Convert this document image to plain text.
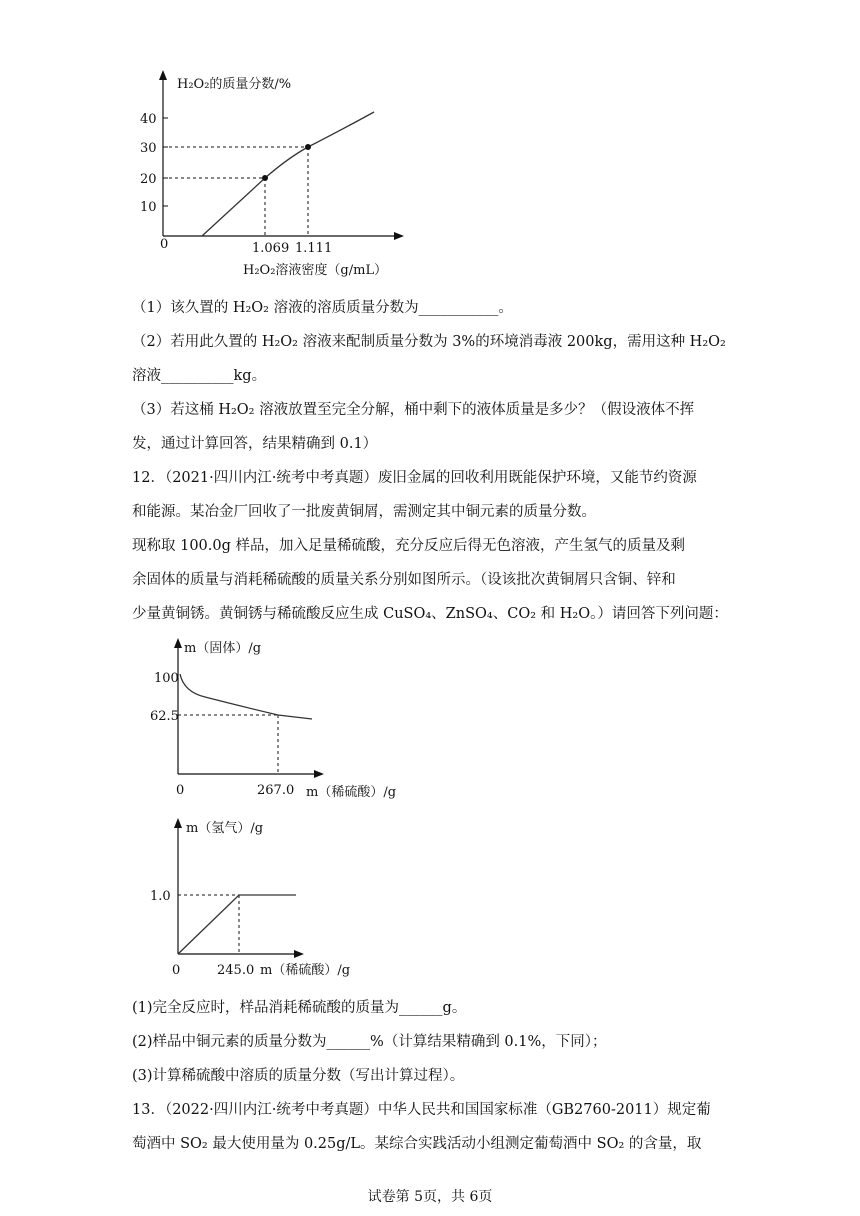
H₂O₂的质量分数/%
40
30
20
10
0	1.069 1.111
H₂O₂溶液密度（g/mL）
（1）该久置的 H₂O₂ 溶液的溶质质量分数为___________。
（2）若用此久置的 H₂O₂ 溶液来配制质量分数为 3%的环境消毒液 200kg，需用这种 H₂O₂
溶液__________kg。
（3）若这桶 H₂O₂ 溶液放置至完全分解，桶中剩下的液体质量是多少？（假设液体不挥
发，通过计算回答，结果精确到 0.1）
12．（2021·四川内江·统考中考真题）废旧金属的回收利用既能保护环境，又能节约资源
和能源。某冶金厂回收了一批废黄铜屑，需测定其中铜元素的质量分数。
现称取 100.0g 样品，加入足量稀硫酸，充分反应后得无色溶液，产生氢气的质量及剩
余固体的质量与消耗稀硫酸的质量关系分别如图所示。（设该批次黄铜屑只含铜、锌和
少量黄铜锈。黄铜锈与稀硫酸反应生成 CuSO₄、ZnSO₄、CO₂ 和 H₂O。）请回答下列问题：
m（固体）/g
100
62.5
0	267.0 m（稀硫酸）/g
m（氢气）/g
1.0
0	245.0 m（稀硫酸）/g
(1)完全反应时，样品消耗稀硫酸的质量为______g。
(2)样品中铜元素的质量分数为______%（计算结果精确到 0.1%，下同）；
(3)计算稀硫酸中溶质的质量分数（写出计算过程）。
13．（2022·四川内江·统考中考真题）中华人民共和国国家标准（GB2760-2011）规定葡
萄酒中 SO₂ 最大使用量为 0.25g/L。某综合实践活动小组测定葡萄酒中 SO₂ 的含量，取
试卷第 5页，共 6页
